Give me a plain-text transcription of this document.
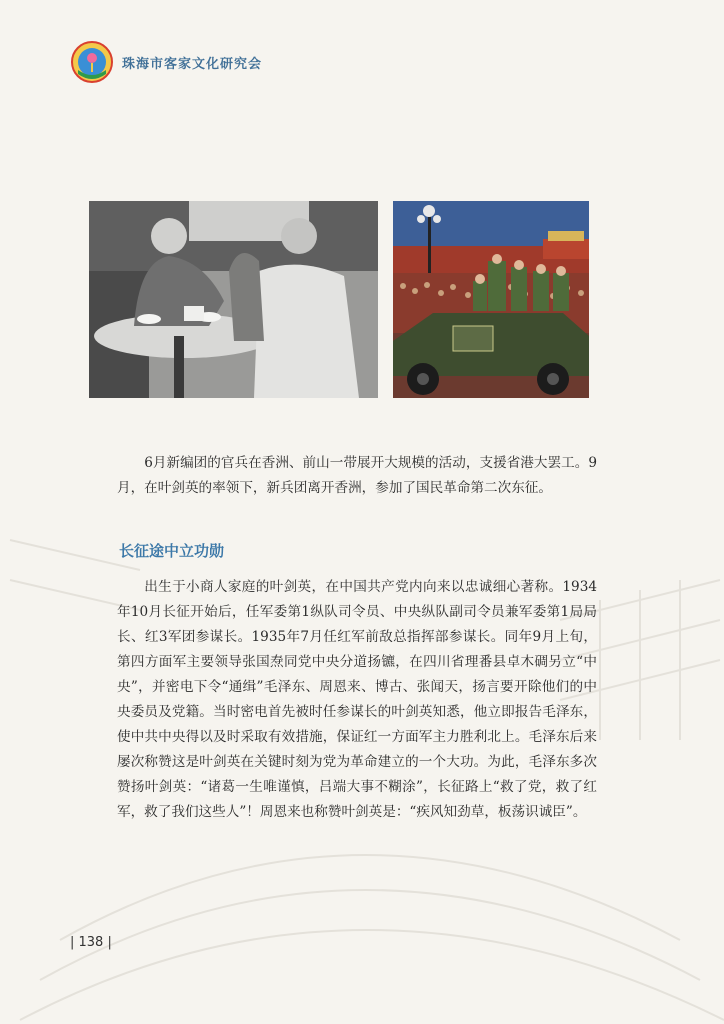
珠海市客家文化研究会

6月新编团的官兵在香洲、前山一带展开大规模的活动，支援省港大罢工。9月，在叶剑英的率领下，新兵团离开香洲，参加了国民革命第二次东征。

长征途中立功勋

出生于小商人家庭的叶剑英，在中国共产党内向来以忠诚细心著称。1934年10月长征开始后，任军委第1纵队司令员、中央纵队副司令员兼军委第1局局长、红3军团参谋长。1935年7月任红军前敌总指挥部参谋长。同年9月上旬，第四方面军主要领导张国焘同党中央分道扬镳，在四川省理番县卓木碉另立“中央”，并密电下令“通缉”毛泽东、周恩来、博古、张闻天，扬言要开除他们的中央委员及党籍。当时密电首先被时任参谋长的叶剑英知悉，他立即报告毛泽东，使中共中央得以及时采取有效措施，保证红一方面军主力胜利北上。毛泽东后来屡次称赞这是叶剑英在关键时刻为党为革命建立的一个大功。为此，毛泽东多次赞扬叶剑英：“诸葛一生唯谨慎，吕端大事不糊涂”，长征路上“救了党，救了红军，救了我们这些人”！周恩来也称赞叶剑英是：“疾风知劲草，板荡识诚臣”。

| 138 |
